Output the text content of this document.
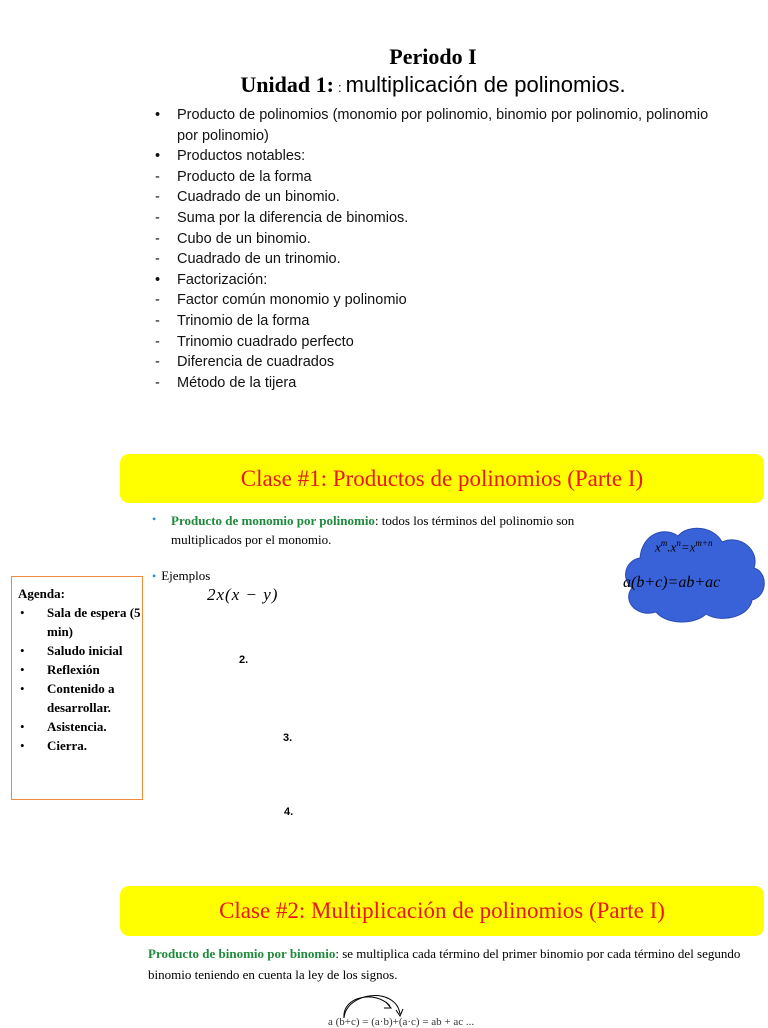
Periodo I
Unidad 1: : multiplicación de polinomios.
•	Producto de polinomios (monomio por polinomio, binomio por polinomio, polinomio por polinomio)
•	Productos notables:
-	Producto de la forma
-	Cuadrado de un binomio.
-	Suma por la diferencia de binomios.
-	Cubo de un binomio.
-	Cuadrado de un trinomio.
•	Factorización:
-	Factor común monomio y polinomio
-	Trinomio de la forma
-	Trinomio cuadrado perfecto
-	Diferencia de cuadrados
-	Método de la tijera
Clase #1: Productos de polinomios (Parte I)
•	Producto de monomio por polinomio: todos los términos del polinomio son multiplicados por el monomio.
• Ejemplos
2x(x − y)
2.
3.
4.
$x^m.x^n=x^{m+n}$
a(b+c)=ab+ac
Agenda:
• Sala de espera (5 min)
• Saludo inicial
• Reflexión
• Contenido a desarrollar.
• Asistencia.
• Cierra.
Clase #2: Multiplicación de polinomios (Parte I)
Producto de binomio por binomio: se multiplica cada término del primer binomio por cada término del segundo binomio teniendo en cuenta la ley de los signos.
a (b+c) = (a·b)+(a·c) = ab + ac ...
